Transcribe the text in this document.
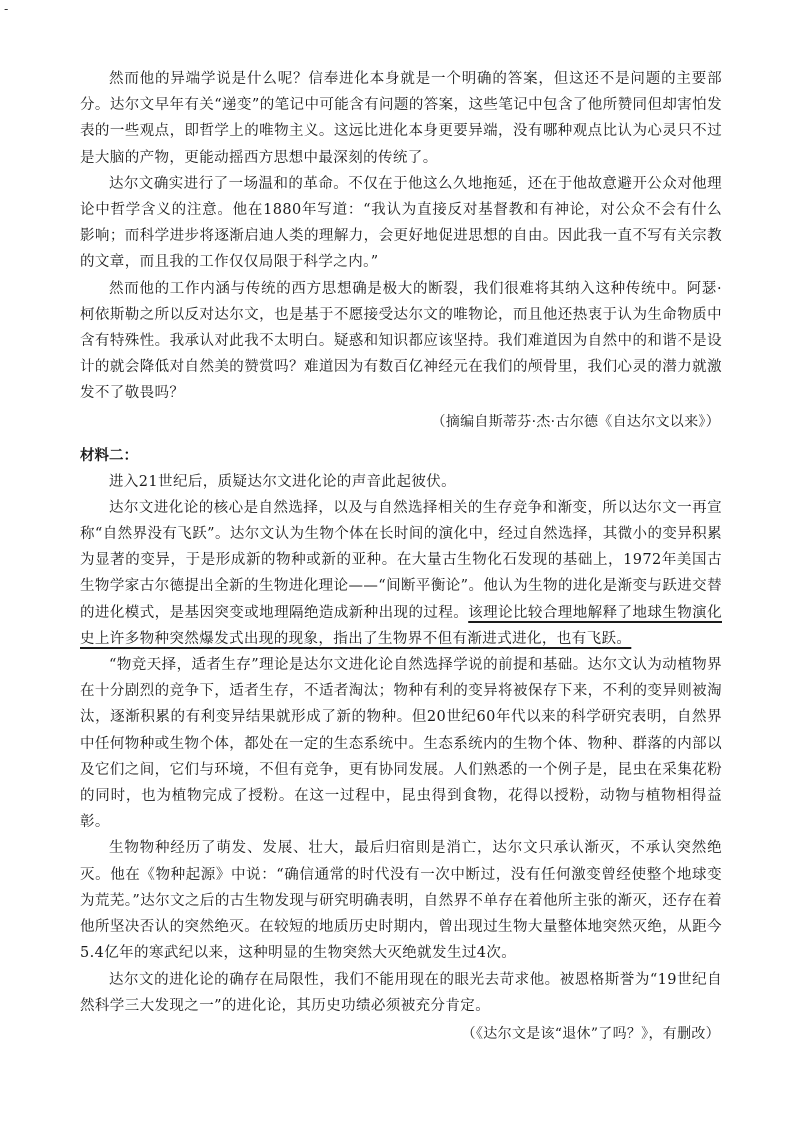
-

然而他的异端学说是什么呢？信奉进化本身就是一个明确的答案，但这还不是问题的主要部分。达尔文早年有关“递变”的笔记中可能含有问题的答案，这些笔记中包含了他所赞同但却害怕发表的一些观点，即哲学上的唯物主义。这远比进化本身更要异端，没有哪种观点比认为心灵只不过是大脑的产物，更能动摇西方思想中最深刻的传统了。

达尔文确实进行了一场温和的革命。不仅在于他这么久地拖延，还在于他故意避开公众对他理论中哲学含义的注意。他在1880年写道：“我认为直接反对基督教和有神论，对公众不会有什么影响；而科学进步将逐渐启迪人类的理解力，会更好地促进思想的自由。因此我一直不写有关宗教的文章，而且我的工作仅仅局限于科学之内。”

然而他的工作内涵与传统的西方思想确是极大的断裂，我们很难将其纳入这种传统中。阿瑟·柯依斯勒之所以反对达尔文，也是基于不愿接受达尔文的唯物论，而且他还热衷于认为生命物质中含有特殊性。我承认对此我不太明白。疑惑和知识都应该坚持。我们难道因为自然中的和谐不是设计的就会降低对自然美的赞赏吗？难道因为有数百亿神经元在我们的颅骨里，我们心灵的潜力就激发不了敬畏吗？

（摘编自斯蒂芬·杰·古尔德《自达尔文以来》）

材料二：

进入21世纪后，质疑达尔文进化论的声音此起彼伏。

达尔文进化论的核心是自然选择，以及与自然选择相关的生存竞争和渐变，所以达尔文一再宣称“自然界没有飞跃”。达尔文认为生物个体在长时间的演化中，经过自然选择，其微小的变异积累为显著的变异，于是形成新的物种或新的亚种。在大量古生物化石发现的基础上，1972年美国古生物学家古尔德提出全新的生物进化理论——“间断平衡论”。他认为生物的进化是渐变与跃进交替的进化模式，是基因突变或地理隔绝造成新种出现的过程。该理论比较合理地解释了地球生物演化史上许多物种突然爆发式出现的现象，指出了生物界不但有渐进式进化，也有飞跃。

“物竞天择，适者生存”理论是达尔文进化论自然选择学说的前提和基础。达尔文认为动植物界在十分剧烈的竞争下，适者生存，不适者淘汰；物种有利的变异将被保存下来，不利的变异则被淘汰，逐渐积累的有利变异结果就形成了新的物种。但20世纪60年代以来的科学研究表明，自然界中任何物种或生物个体，都处在一定的生态系统中。生态系统内的生物个体、物种、群落的内部以及它们之间，它们与环境，不但有竞争，更有协同发展。人们熟悉的一个例子是，昆虫在采集花粉的同时，也为植物完成了授粉。在这一过程中，昆虫得到食物，花得以授粉，动物与植物相得益彰。

生物物种经历了萌发、发展、壮大，最后归宿則是消亡，达尔文只承认渐灭，不承认突然绝灭。他在《物种起源》中说：“确信通常的时代没有一次中断过，没有任何激变曾经使整个地球变为荒芜。”达尔文之后的古生物发现与研究明确表明，自然界不单存在着他所主张的渐灭，还存在着他所坚决否认的突然绝灭。在较短的地质历史时期内，曾出现过生物大量整体地突然灭绝，从距今5.4亿年的寒武纪以来，这种明显的生物突然大灭绝就发生过4次。

达尔文的进化论的确存在局限性，我们不能用现在的眼光去苛求他。被恩格斯誉为“19世纪自然科学三大发现之一”的进化论，其历史功绩必须被充分肯定。

（《达尔文是该“退休”了吗？》，有删改）
